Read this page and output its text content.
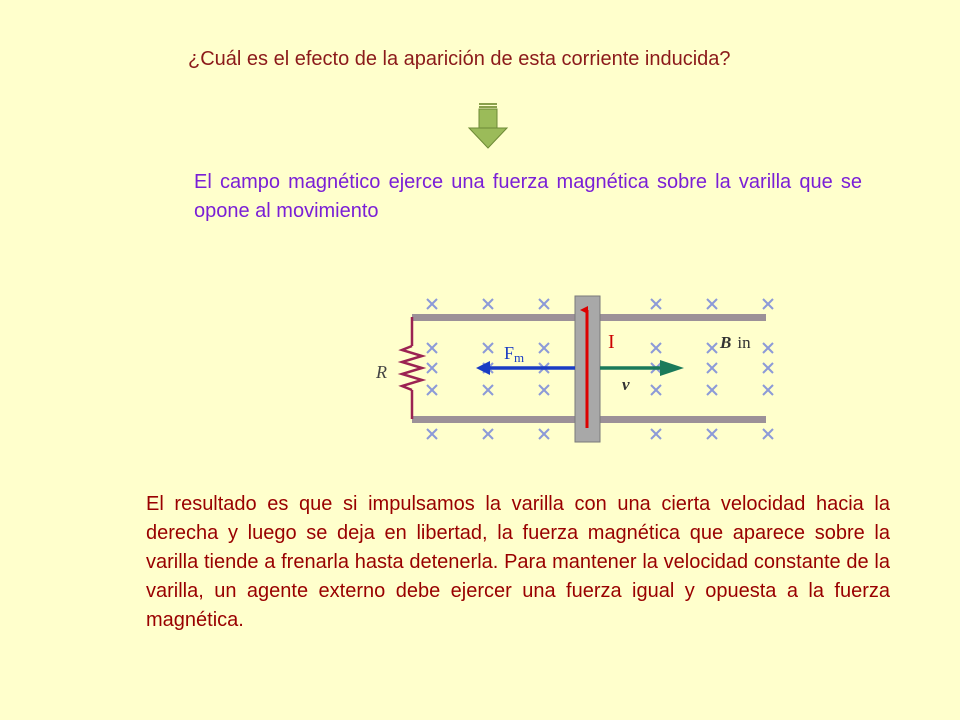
¿Cuál es el efecto de la aparición de esta corriente inducida?
El campo magnético ejerce una fuerza magnética sobre la varilla que se opone al movimiento
R
I
Fm
v
B in
El resultado es que si impulsamos la varilla con una cierta velocidad hacia la derecha y luego se deja en libertad, la fuerza magnética que aparece sobre la varilla tiende a frenarla hasta detenerla. Para mantener la velocidad constante de la varilla, un agente externo debe ejercer una fuerza igual y opuesta a la fuerza magnética.
